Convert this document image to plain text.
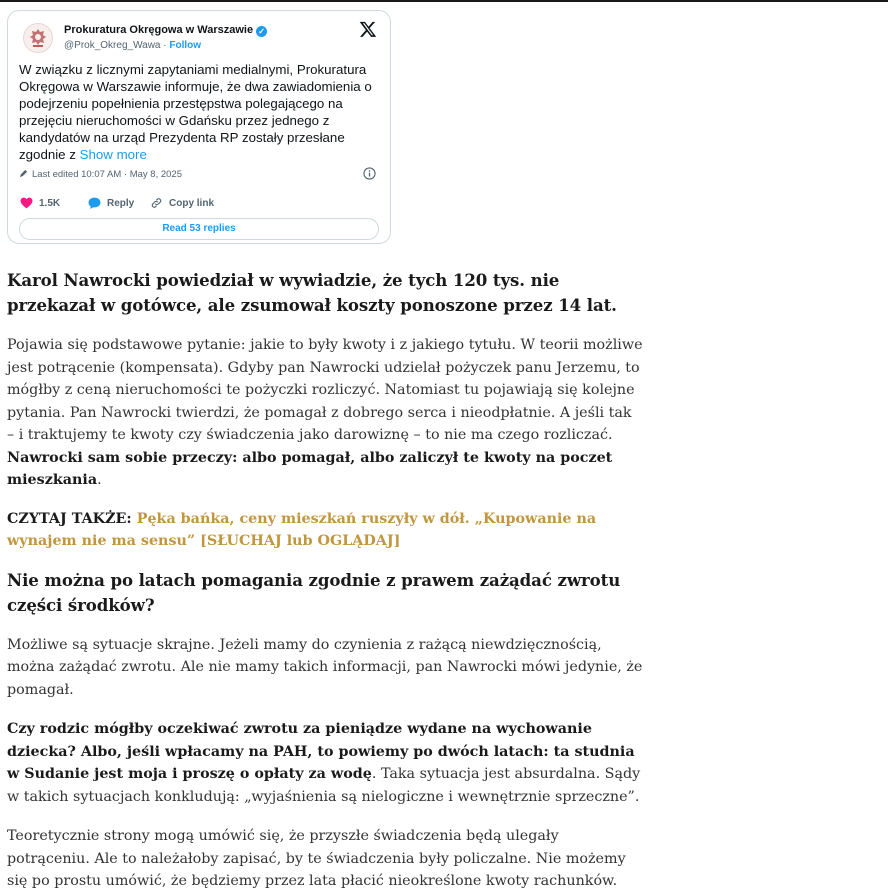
Prokuratura Okręgowa w Warszawie ✓
@Prok_Okreg_Wawa · Follow
W związku z licznymi zapytaniami medialnymi, Prokuratura Okręgowa w Warszawie informuje, że dwa zawiadomienia o podejrzeniu popełnienia przestępstwa polegającego na przejęciu nieruchomości w Gdańsku przez jednego z kandydatów na urząd Prezydenta RP zostały przesłane zgodnie z Show more
Last edited 10:07 AM · May 8, 2025
1.5K	Reply	Copy link
Read 53 replies
Karol Nawrocki powiedział w wywiadzie, że tych 120 tys. nie przekazał w gotówce, ale zsumował koszty ponoszone przez 14 lat.

Pojawia się podstawowe pytanie: jakie to były kwoty i z jakiego tytułu. W teorii możliwe jest potrącenie (kompensata). Gdyby pan Nawrocki udzielał pożyczek panu Jerzemu, to mógłby z ceną nieruchomości te pożyczki rozliczyć. Natomiast tu pojawiają się kolejne pytania. Pan Nawrocki twierdzi, że pomagał z dobrego serca i nieodpłatnie. A jeśli tak – i traktujemy te kwoty czy świadczenia jako darowiznę – to nie ma czego rozliczać. Nawrocki sam sobie przeczy: albo pomagał, albo zaliczył te kwoty na poczet mieszkania.

CZYTAJ TAKŻE: Pęka bańka, ceny mieszkań ruszyły w dół. „Kupowanie na wynajem nie ma sensu” [SŁUCHAJ lub OGLĄDAJ]

Nie można po latach pomagania zgodnie z prawem zażądać zwrotu części środków?

Możliwe są sytuacje skrajne. Jeżeli mamy do czynienia z rażącą niewdzięcznością, można zażądać zwrotu. Ale nie mamy takich informacji, pan Nawrocki mówi jedynie, że pomagał.

Czy rodzic mógłby oczekiwać zwrotu za pieniądze wydane na wychowanie dziecka? Albo, jeśli wpłacamy na PAH, to powiemy po dwóch latach: ta studnia w Sudanie jest moja i proszę o opłaty za wodę. Taka sytuacja jest absurdalna. Sądy w takich sytuacjach konkludują: „wyjaśnienia są nielogiczne i wewnętrznie sprzeczne”.

Teoretycznie strony mogą umówić się, że przyszłe świadczenia będą ulegały potrąceniu. Ale to należałoby zapisać, by te świadczenia były policzalne. Nie możemy się po prostu umówić, że będziemy przez lata płacić nieokreślone kwoty rachunków.
